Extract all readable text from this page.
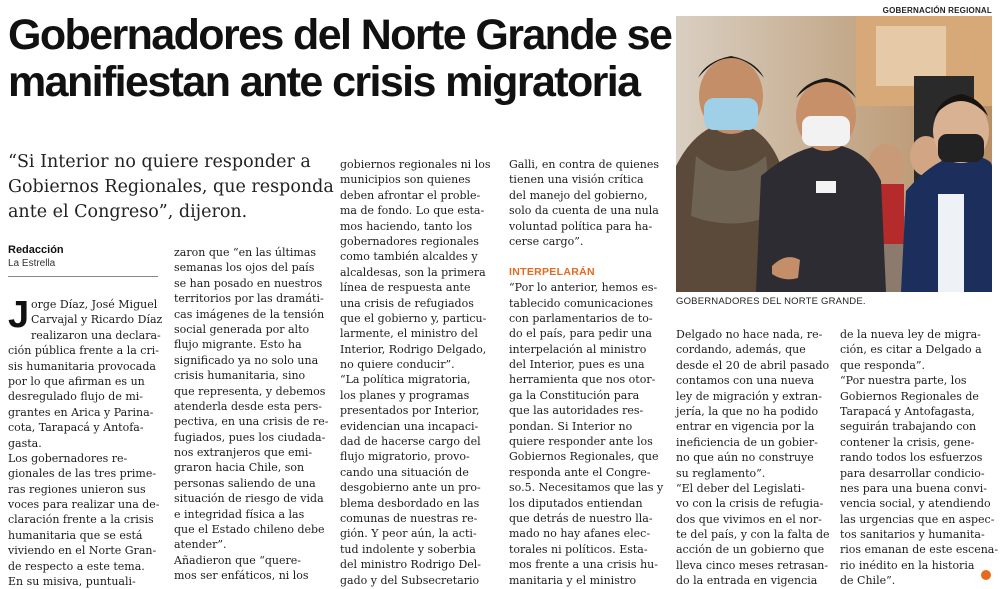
GOBERNACIÓN REGIONAL
Gobernadores del Norte Grande se
manifiestan ante crisis migratoria
“Si Interior no quiere responder a
Gobiernos Regionales, que responda
ante el Congreso”, dijeron.
Redacción
La Estrella
J orge Díaz, José Miguel
Carvajal y Ricardo Díaz
realizaron una declara-
ción pública frente a la cri-
sis humanitaria provocada
por lo que afirman es un
desregulado flujo de mi-
grantes en Arica y Parina-
cota, Tarapacá y Antofa-
gasta.
Los gobernadores re-
gionales de las tres prime-
ras regiones unieron sus
voces para realizar una de-
claración frente a la crisis
humanitaria que se está
viviendo en el Norte Gran-
de respecto a este tema.
En su misiva, puntuali-
zaron que “en las últimas
semanas los ojos del país
se han posado en nuestros
territorios por las dramáti-
cas imágenes de la tensión
social generada por alto
flujo migrante. Esto ha
significado ya no solo una
crisis humanitaria, sino
que representa, y debemos
atenderla desde esta pers-
pectiva, en una crisis de re-
fugiados, pues los ciudada-
nos extranjeros que emi-
graron hacia Chile, son
personas saliendo de una
situación de riesgo de vida
e integridad física a las
que el Estado chileno debe
atender”.
Añadieron que “quere-
mos ser enfáticos, ni los
gobiernos regionales ni los
municipios son quienes
deben afrontar el proble-
ma de fondo. Lo que esta-
mos haciendo, tanto los
gobernadores regionales
como también alcaldes y
alcaldesas, son la primera
línea de respuesta ante
una crisis de refugiados
que el gobierno y, particu-
larmente, el ministro del
Interior, Rodrigo Delgado,
no quiere conducir”.
“La política migratoria,
los planes y programas
presentados por Interior,
evidencian una incapaci-
dad de hacerse cargo del
flujo migratorio, provo-
cando una situación de
desgobierno ante un pro-
blema desbordado en las
comunas de nuestras re-
gión. Y peor aún, la acti-
tud indolente y soberbia
del ministro Rodrigo Del-
gado y del Subsecretario
Galli, en contra de quienes
tienen una visión crítica
del manejo del gobierno,
solo da cuenta de una nula
voluntad política para ha-
cerse cargo”.
INTERPELARÁN
“Por lo anterior, hemos es-
tablecido comunicaciones
con parlamentarios de to-
do el país, para pedir una
interpelación al ministro
del Interior, pues es una
herramienta que nos otor-
ga la Constitución para
que las autoridades res-
pondan. Si Interior no
quiere responder ante los
Gobiernos Regionales, que
responda ante el Congre-
so.5. Necesitamos que las y
los diputados entiendan
que detrás de nuestro lla-
mado no hay afanes elec-
torales ni políticos. Esta-
mos frente a una crisis hu-
manitaria y el ministro
GOBERNADORES DEL NORTE GRANDE.
Delgado no hace nada, re-
cordando, además, que
desde el 20 de abril pasado
contamos con una nueva
ley de migración y extran-
jería, la que no ha podido
entrar en vigencia por la
ineficiencia de un gobier-
no que aún no construye
su reglamento”.
“El deber del Legislati-
vo con la crisis de refugia-
dos que vivimos en el nor-
te del país, y con la falta de
acción de un gobierno que
lleva cinco meses retrasan-
do la entrada en vigencia
de la nueva ley de migra-
ción, es citar a Delgado a
que responda”.
“Por nuestra parte, los
Gobiernos Regionales de
Tarapacá y Antofagasta,
seguirán trabajando con
contener la crisis, gene-
rando todos los esfuerzos
para desarrollar condicio-
nes para una buena convi-
vencia social, y atendiendo
las urgencias que en aspec-
tos sanitarios y humanita-
rios emanan de este escena-
rio inédito en la historia
de Chile”.
